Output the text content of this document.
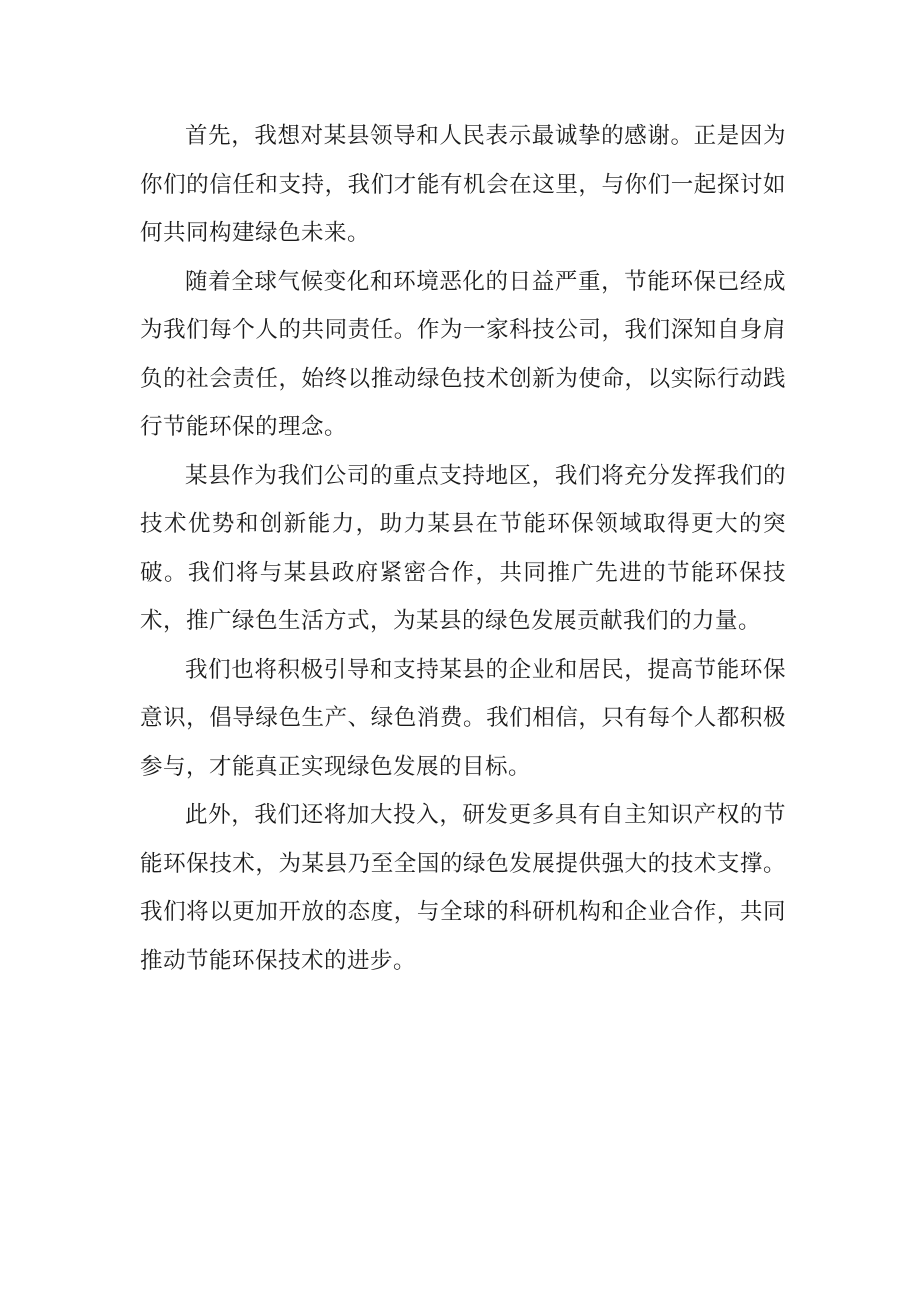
首先，我想对某县领导和人民表示最诚挚的感谢。正是因为你们的信任和支持，我们才能有机会在这里，与你们一起探讨如何共同构建绿色未来。

随着全球气候变化和环境恶化的日益严重，节能环保已经成为我们每个人的共同责任。作为一家科技公司，我们深知自身肩负的社会责任，始终以推动绿色技术创新为使命，以实际行动践行节能环保的理念。

某县作为我们公司的重点支持地区，我们将充分发挥我们的技术优势和创新能力，助力某县在节能环保领域取得更大的突破。我们将与某县政府紧密合作，共同推广先进的节能环保技术，推广绿色生活方式，为某县的绿色发展贡献我们的力量。

我们也将积极引导和支持某县的企业和居民，提高节能环保意识，倡导绿色生产、绿色消费。我们相信，只有每个人都积极参与，才能真正实现绿色发展的目标。

此外，我们还将加大投入，研发更多具有自主知识产权的节能环保技术，为某县乃至全国的绿色发展提供强大的技术支撑。我们将以更加开放的态度，与全球的科研机构和企业合作，共同推动节能环保技术的进步。
